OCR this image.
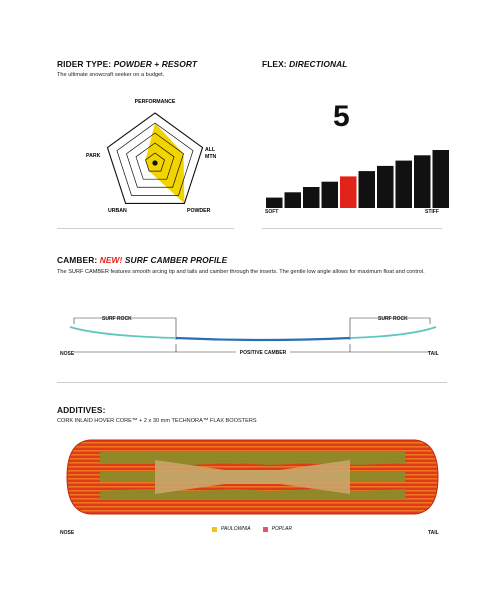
RIDER TYPE: POWDER + RESORT
The ultimate snowcraft seeker on a budget.
PERFORMANCE
ALL
MTN
POWDER
URBAN
PARK
FLEX: DIRECTIONAL
5
SOFT	STIFF
CAMBER: NEW! SURF CAMBER PROFILE
The SURF CAMBER features smooth arcing tip and tails and camber through the inserts. The gentle low angle allows for maximum float and control.
SURF ROCK	SURF ROCK
POSITIVE CAMBER
NOSE	TAIL
ADDITIVES:
CORK INLAID HOVER CORE™ + 2 x 30 mm TECHNORA™ FLAX BOOSTERS
NOSE	TAIL
PAULOWNIA	POPLAR
